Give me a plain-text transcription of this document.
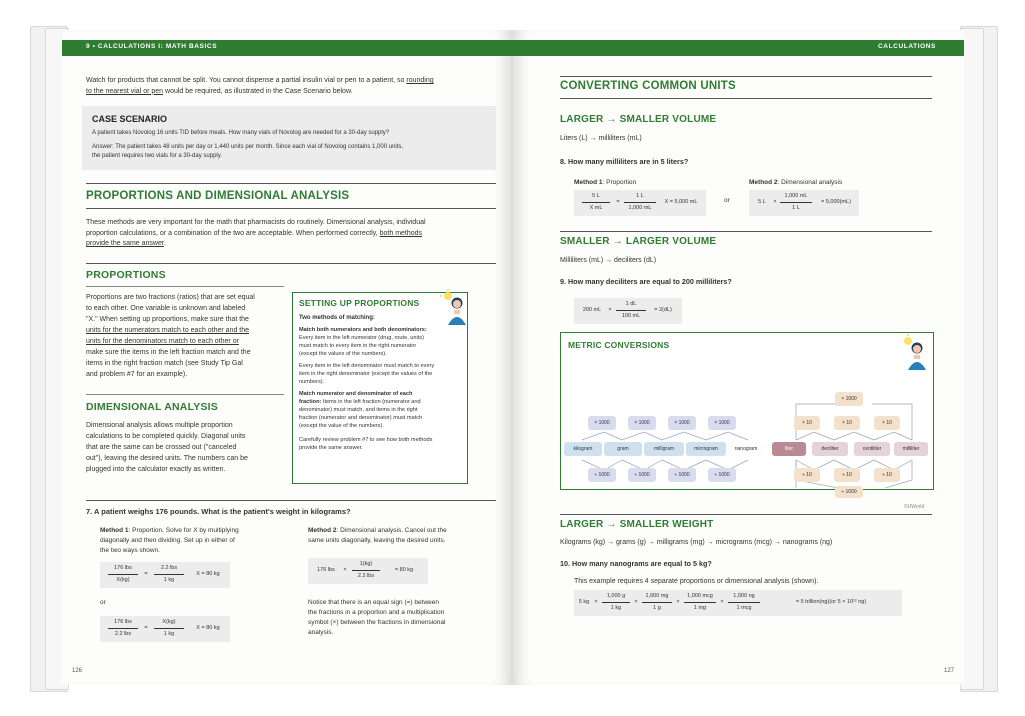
9 • CALCULATIONS I: MATH BASICS
Watch for products that cannot be split. You cannot dispense a partial insulin vial or pen to a patient, so rounding
to the nearest vial or pen would be required, as illustrated in the Case Scenario below.
CASE SCENARIO
A patient takes Novolog 16 units TID before meals. How many vials of Novolog are needed for a 30-day supply?
Answer: The patient takes 48 units per day or 1,440 units per month. Since each vial of Novolog contains 1,000 units,
the patient requires two vials for a 30-day supply.
PROPORTIONS AND DIMENSIONAL ANALYSIS
These methods are very important for the math that pharmacists do routinely. Dimensional analysis, individual
proportion calculations, or a combination of the two are acceptable. When performed correctly, both methods
provide the same answer.
PROPORTIONS
Proportions are two fractions (ratios) that are set equal
to each other. One variable is unknown and labeled
"X." When setting up proportions, make sure that the
units for the numerators match to each other and the
units for the denominators match to each other or
make sure the items in the left fraction match and the
items in the right fraction match (see Study Tip Gal
and problem #7 for an example).
DIMENSIONAL ANALYSIS
Dimensional analysis allows multiple proportion
calculations to be completed quickly. Diagonal units
that are the same can be crossed out ("canceled
out"), leaving the desired units. The numbers can be
plugged into the calculator exactly as written.
SETTING UP PROPORTIONS
Two methods of matching:
Match both numerators and both denominators:
Every item in the left numerator (drug, route, units)
must match to every item in the right numerator
(except the values of the numbers).
Every item in the left denominator must match to every
item in the right denominator (except the values of the
numbers).
Match numerator and denominator of each
fraction: Items in the left fraction (numerator and
denominator) must match, and items in the right
fraction (numerator and denominator) must match
(except the value of the numbers).
Carefully review problem #7 to see how both methods
provide the same answer.
7. A patient weighs 176 pounds. What is the patient's weight in kilograms?
Method 1: Proportion. Solve for X by multiplying
diagonally and then dividing. Set up in either of
the two ways shown.
Method 2: Dimensional analysis. Cancel out the
same units diagonally, leaving the desired units.
176 lbs
X(kg)
=
2.2 lbs
1 kg
X = 80 kg
or
176 lbs
2.2 lbs
=
X(kg)
1 kg
X = 80 kg
176 lbs	×
1(kg)
2.2 lbs
= 80 kg
Notice that there is an equal sign (=) between
the fractions in a proportion and a multiplication
symbol (×) between the fractions in dimensional
analysis.
126
CALCULATIONS
CONVERTING COMMON UNITS
LARGER → SMALLER VOLUME
Liters (L) → milliliters (mL)
8. How many milliliters are in 5 liters?
Method 1: Proportion	Method 2: Dimensional analysis
5 L
X mL
=
1 L
1,000 mL
X = 5,000 mL	or	5 L	×
1,000 mL
1 L
= 5,000(mL)
SMALLER → LARGER VOLUME
Milliliters (mL) → deciliters (dL)
9. How many deciliters are equal to 200 milliliters?
200 mL	×
1 dL
100 mL
= 2(dL)
METRIC CONVERSIONS
kilogram	gram	milligram	microgram	nanogram
× 1000	× 1000	× 1000	× 1000
÷ 1000	÷ 1000	÷ 1000	÷ 1000
liter	deciliter	centiliter	milliliter
× 10	× 10	× 10
÷ 10	÷ 10	÷ 10
× 1000
÷ 1000
©UWorld
LARGER → SMALLER WEIGHT
Kilograms (kg) → grams (g) → milligrams (mg) → micrograms (mcg) → nanograms (ng)
10. How many nanograms are equal to 5 kg?
This example requires 4 separate proportions or dimensional analysis (shown).
5 kg ×
1,000 g
1 kg
×
1,000 mg
1 g
×
1,000 mcg
1 mg
×
1,000 ng
1 mcg
= 5 trillion(ng)(or 5 × 10¹² ng)
127
